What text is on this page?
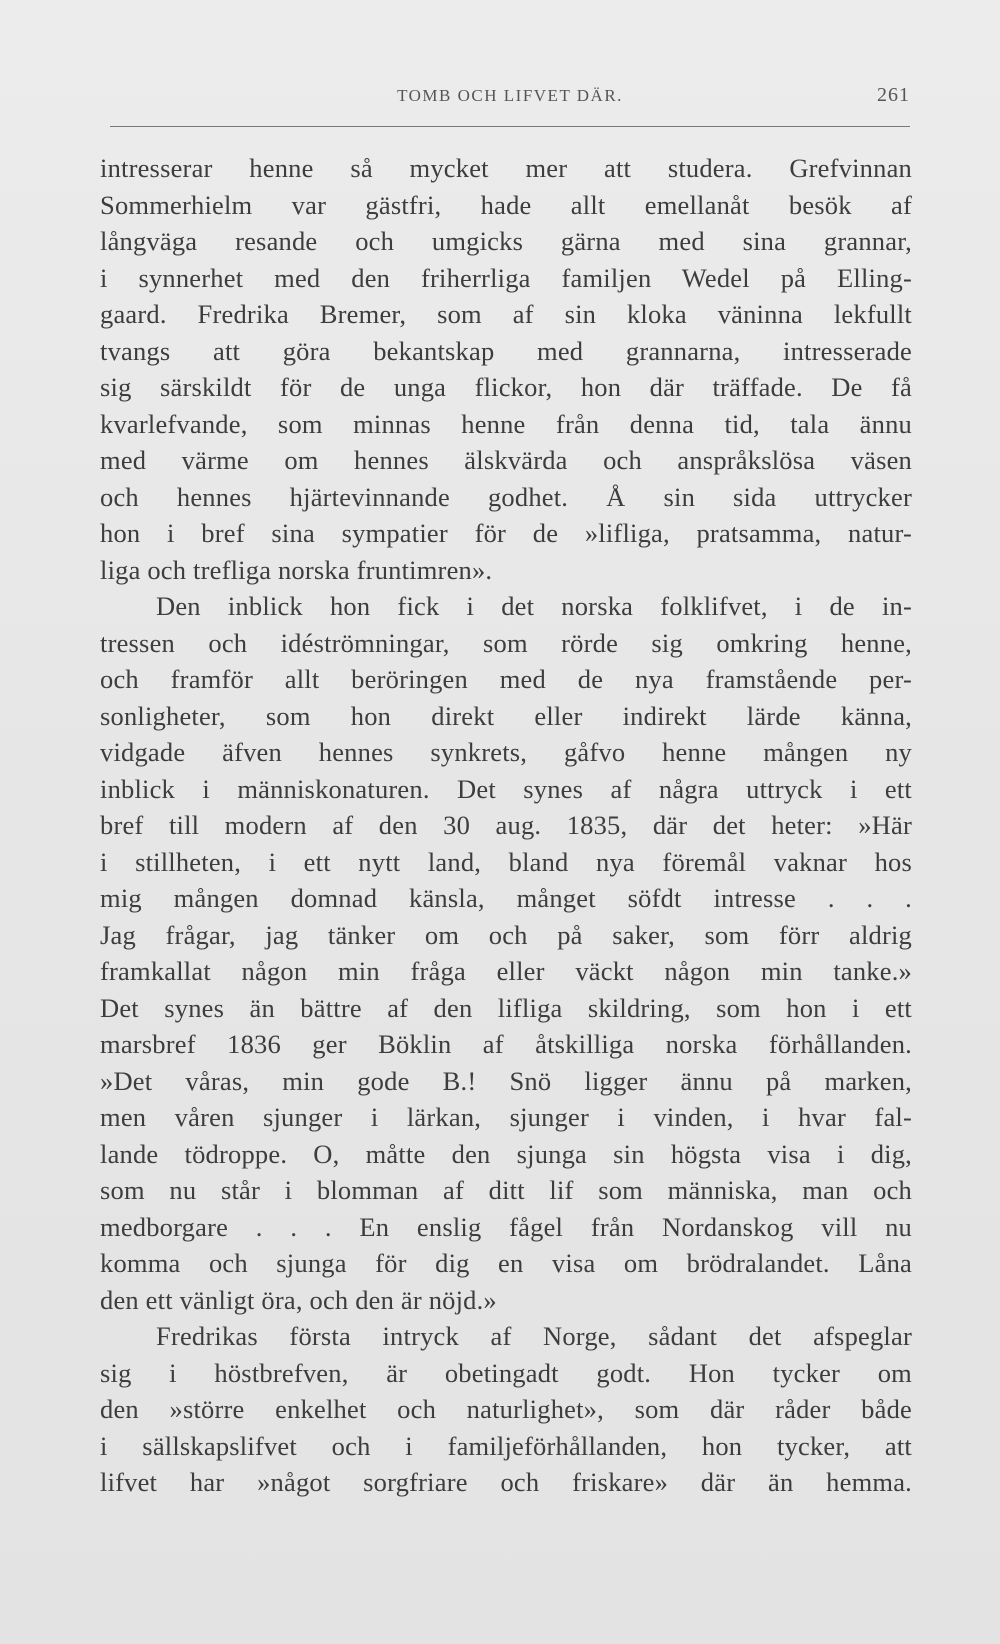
TOMB OCH LIFVET DÄR.	261
intresserar henne så mycket mer att studera. Grefvinnan
Sommerhielm var gästfri, hade allt emellanåt besök af
långväga resande och umgicks gärna med sina grannar,
i synnerhet med den friherrliga familjen Wedel på Elling-
gaard. Fredrika Bremer, som af sin kloka väninna lekfullt
tvangs att göra bekantskap med grannarna, intresserade
sig särskildt för de unga flickor, hon där träffade. De få
kvarlefvande, som minnas henne från denna tid, tala ännu
med värme om hennes älskvärda och anspråkslösa väsen
och hennes hjärtevinnande godhet. Å sin sida uttrycker
hon i bref sina sympatier för de »lifliga, pratsamma, natur-
liga och trefliga norska fruntimren».
Den inblick hon fick i det norska folklifvet, i de in-
tressen och idéströmningar, som rörde sig omkring henne,
och framför allt beröringen med de nya framstående per-
sonligheter, som hon direkt eller indirekt lärde känna,
vidgade äfven hennes synkrets, gåfvo henne mången ny
inblick i människonaturen. Det synes af några uttryck i ett
bref till modern af den 30 aug. 1835, där det heter: »Här
i stillheten, i ett nytt land, bland nya föremål vaknar hos
mig mången domnad känsla, månget söfdt intresse . . .
Jag frågar, jag tänker om och på saker, som förr aldrig
framkallat någon min fråga eller väckt någon min tanke.»
Det synes än bättre af den lifliga skildring, som hon i ett
marsbref 1836 ger Böklin af åtskilliga norska förhållanden.
»Det våras, min gode B.! Snö ligger ännu på marken,
men våren sjunger i lärkan, sjunger i vinden, i hvar fal-
lande tödroppe. O, måtte den sjunga sin högsta visa i dig,
som nu står i blomman af ditt lif som människa, man och
medborgare . . . En enslig fågel från Nordanskog vill nu
komma och sjunga för dig en visa om brödralandet. Låna
den ett vänligt öra, och den är nöjd.»
Fredrikas första intryck af Norge, sådant det afspeglar
sig i höstbrefven, är obetingadt godt. Hon tycker om
den »större enkelhet och naturlighet», som där råder både
i sällskapslifvet och i familjeförhållanden, hon tycker, att
lifvet har »något sorgfriare och friskare» där än hemma.
